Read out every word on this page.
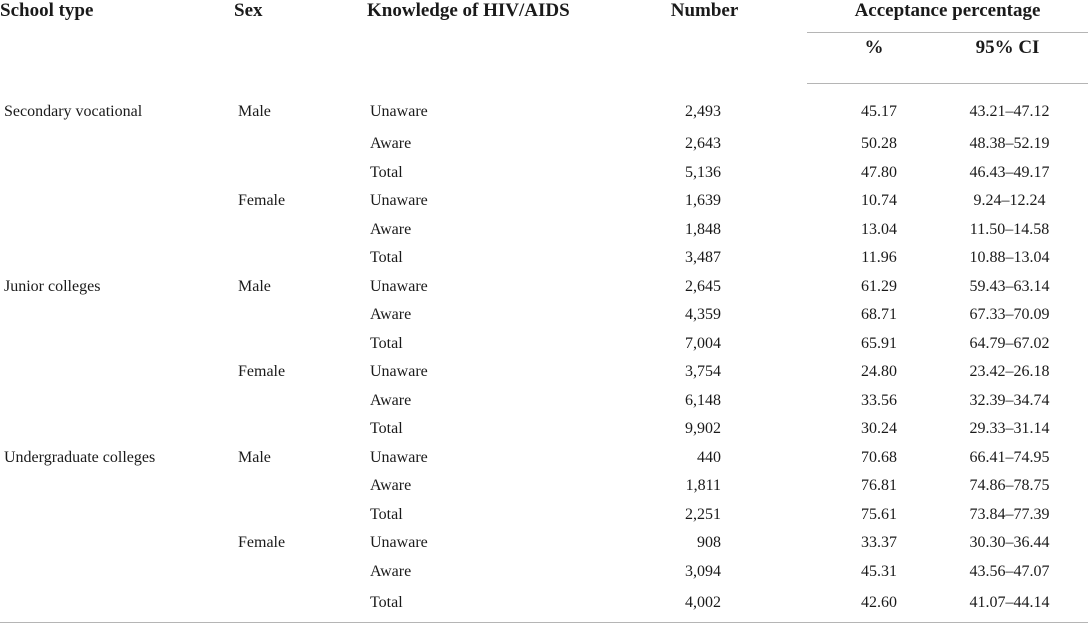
School type	Sex	Knowledge of HIV/AIDS	Number	Acceptance percentage	
				%	95% CI
Secondary vocational	Male	Unaware	2,493	45.17	43.21–47.12
		Aware	2,643	50.28	48.38–52.19
		Total	5,136	47.80	46.43–49.17
	Female	Unaware	1,639	10.74	9.24–12.24
		Aware	1,848	13.04	11.50–14.58
		Total	3,487	11.96	10.88–13.04
Junior colleges	Male	Unaware	2,645	61.29	59.43–63.14
		Aware	4,359	68.71	67.33–70.09
		Total	7,004	65.91	64.79–67.02
	Female	Unaware	3,754	24.80	23.42–26.18
		Aware	6,148	33.56	32.39–34.74
		Total	9,902	30.24	29.33–31.14
Undergraduate colleges	Male	Unaware	440	70.68	66.41–74.95
		Aware	1,811	76.81	74.86–78.75
		Total	2,251	75.61	73.84–77.39
	Female	Unaware	908	33.37	30.30–36.44
		Aware	3,094	45.31	43.56–47.07
		Total	4,002	42.60	41.07–44.14
